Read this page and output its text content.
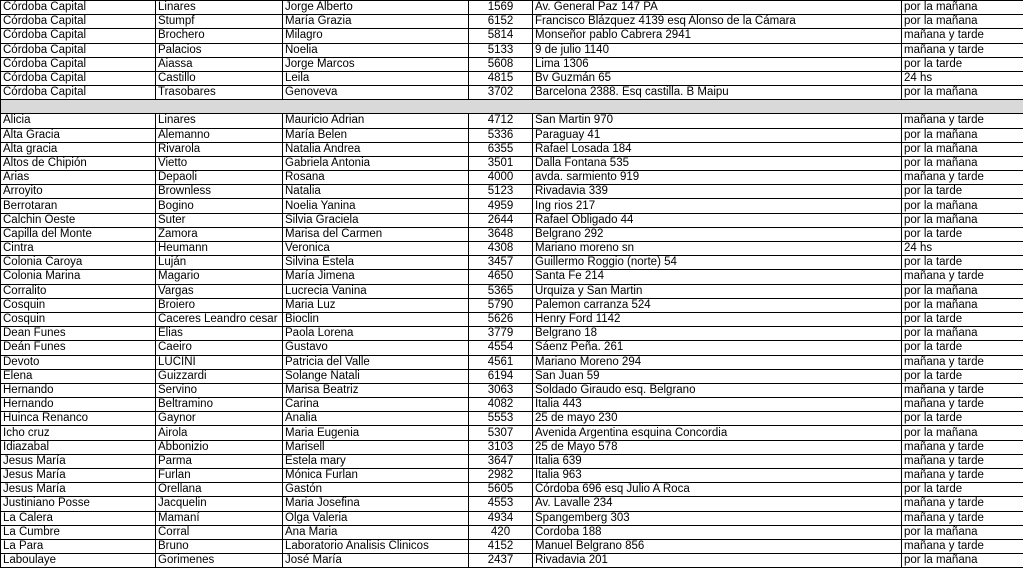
Córdoba Capital	Linares	Jorge Alberto	1569	Av. General Paz 147 PA	por la mañana
Córdoba Capital	Stumpf	María Grazia	6152	Francisco Blázquez 4139 esq Alonso de la Cámara	por la mañana
Córdoba Capital	Brochero	Milagro	5814	Monseñor pablo Cabrera 2941	mañana y tarde
Córdoba Capital	Palacios	Noelia	5133	9 de julio 1140	mañana y tarde
Córdoba Capital	Aiassa	Jorge Marcos	5608	Lima 1306	por la tarde
Córdoba Capital	Castillo	Leila	4815	Bv Guzmán 65	24 hs
Córdoba Capital	Trasobares	Genoveva	3702	Barcelona 2388. Esq castilla. B Maipu	por la mañana

Alicia	Linares	Mauricio Adrian	4712	San Martin 970	mañana y tarde
Alta Gracia	Alemanno	María Belen	5336	Paraguay 41	por la mañana
Alta gracia	Rivarola	Natalia Andrea	6355	Rafael Losada 184	por la mañana
Altos de Chipión	Vietto	Gabriela Antonia	3501	Dalla Fontana 535	por la mañana
Arias	Depaoli	Rosana	4000	avda. sarmiento 919	mañana y tarde
Arroyito	Brownless	Natalia	5123	Rivadavia 339	por la tarde
Berrotaran	Bogino	Noelia Yanina	4959	Ing rios 217	por la mañana
Calchin Oeste	Suter	Silvia Graciela	2644	Rafael Obligado 44	por la mañana
Capilla del Monte	Zamora	Marisa del Carmen	3648	Belgrano 292	por la tarde
Cintra	Heumann	Veronica	4308	Mariano moreno sn	24 hs
Colonia Caroya	Luján	Silvina Estela	3457	Guillermo Roggio (norte) 54	por la tarde
Colonia Marina	Magario	María Jimena	4650	Santa Fe 214	mañana y tarde
Corralito	Vargas	Lucrecia Vanina	5365	Urquiza y San Martin	por la mañana
Cosquin	Broiero	Maria Luz	5790	Palemon carranza 524	por la mañana
Cosquin	Caceres Leandro cesar	Bioclin	5626	Henry Ford 1142	por la tarde
Dean Funes	Elias	Paola Lorena	3779	Belgrano 18	por la mañana
Deán Funes	Caeiro	Gustavo	4554	Sáenz Peña. 261	por la tarde
Devoto	LUCINI	Patricia del Valle	4561	Mariano Moreno 294	mañana y tarde
Elena	Guizzardi	Solange Natali	6194	San Juan 59	por la tarde
Hernando	Servino	Marisa Beatriz	3063	Soldado Giraudo esq. Belgrano	mañana y tarde
Hernando	Beltramino	Carina	4082	Italia 443	mañana y tarde
Huinca Renanco	Gaynor	Analia	5553	25 de mayo 230	por la tarde
Icho cruz	Airola	Maria Eugenia	5307	Avenida Argentina esquina Concordia	por la mañana
Idiazabal	Abbonizio	Marisell	3103	25 de Mayo 578	mañana y tarde
Jesus María	Parma	Estela mary	3647	Italia 639	mañana y tarde
Jesus María	Furlan	Mónica Furlan	2982	Italia 963	mañana y tarde
Jesus María	Orellana	Gastón	5605	Córdoba 696 esq Julio A Roca	por la tarde
Justiniano Posse	Jacquelin	Maria Josefina	4553	Av. Lavalle 234	mañana y tarde
La Calera	Mamaní	Olga Valeria	4934	Spangemberg 303	mañana y tarde
La Cumbre	Corral	Ana Maria	420	Cordoba 188	por la mañana
La Para	Bruno	Laboratorio Analisis Clinicos	4152	Manuel Belgrano 856	mañana y tarde
Laboulaye	Gorimenes	José María	2437	Rivadavia 201	por la mañana
